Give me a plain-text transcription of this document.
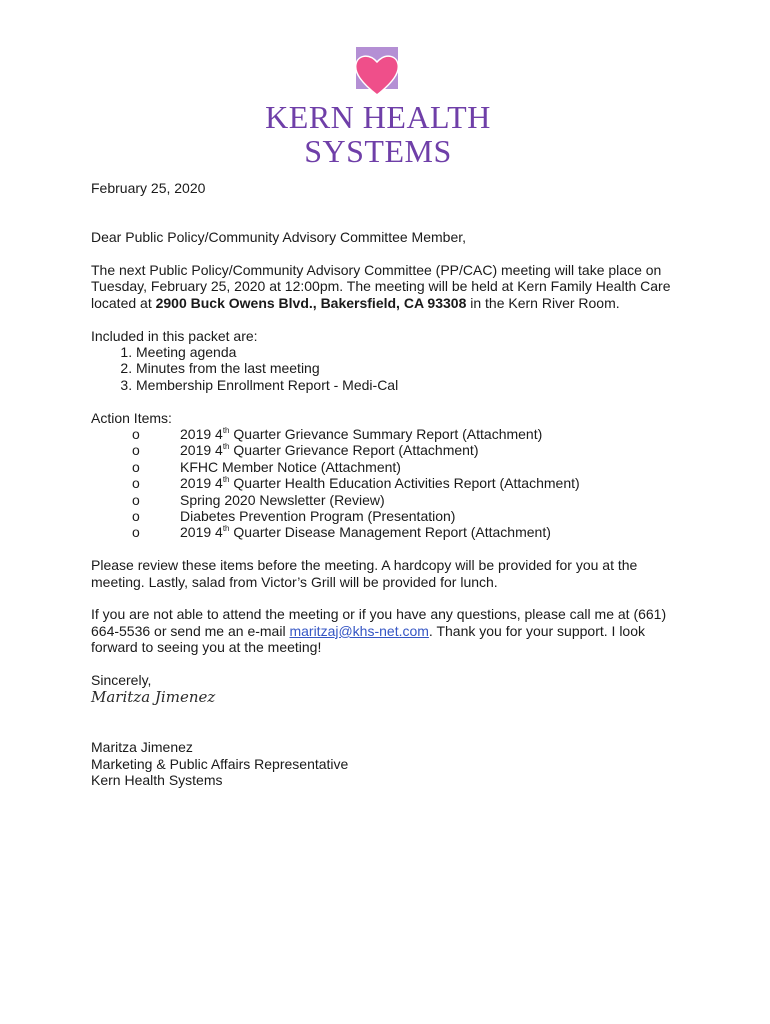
KERN HEALTH
SYSTEMS

February 25, 2020

Dear Public Policy/Community Advisory Committee Member,

The next Public Policy/Community Advisory Committee (PP/CAC) meeting will take place on Tuesday, February 25, 2020 at 12:00pm. The meeting will be held at Kern Family Health Care located at 2900 Buck Owens Blvd., Bakersfield, CA 93308 in the Kern River Room.

Included in this packet are:

1. Meeting agenda
2. Minutes from the last meeting
3. Membership Enrollment Report - Medi-Cal

Action Items:

o	2019 4th Quarter Grievance Summary Report (Attachment)
o	2019 4th Quarter Grievance Report (Attachment)
o	KFHC Member Notice (Attachment)
o	2019 4th Quarter Health Education Activities Report (Attachment)
o	Spring 2020 Newsletter (Review)
o	Diabetes Prevention Program (Presentation)
o	2019 4th Quarter Disease Management Report (Attachment)

Please review these items before the meeting. A hardcopy will be provided for you at the meeting. Lastly, salad from Victor’s Grill will be provided for lunch.

If you are not able to attend the meeting or if you have any questions, please call me at (661) 664-5536 or send me an e-mail maritzaj@khs-net.com. Thank you for your support. I look forward to seeing you at the meeting!

Sincerely,

Maritza Jimenez

Maritza Jimenez

Marketing & Public Affairs Representative

Kern Health Systems
